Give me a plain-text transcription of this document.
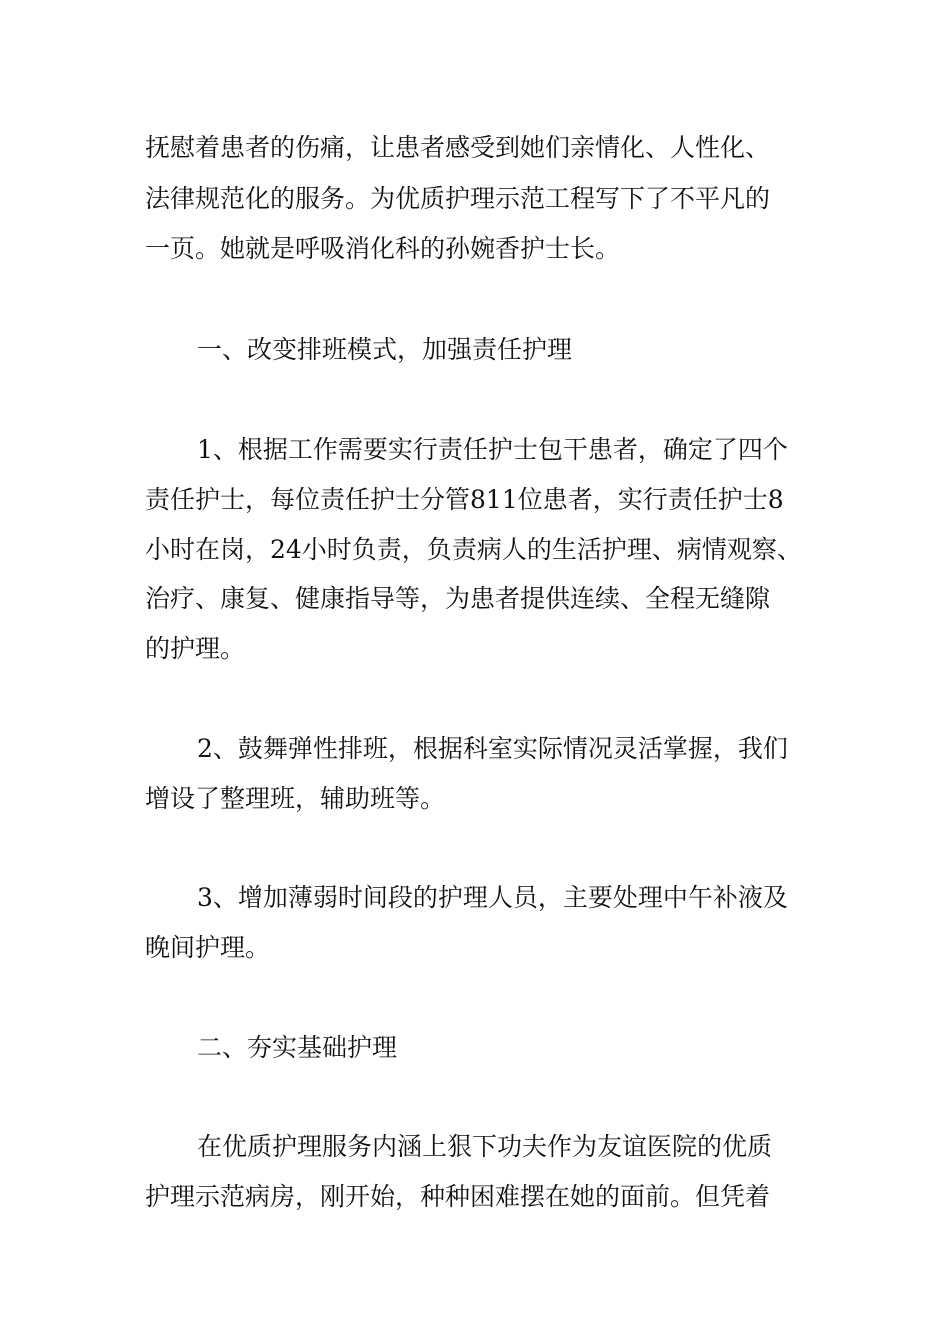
抚慰着患者的伤痛，让患者感受到她们亲情化、人性化、

法律规范化的服务。为优质护理示范工程写下了不平凡的

一页。她就是呼吸消化科的孙婉香护士长。

一、改变排班模式，加强责任护理

1、根据工作需要实行责任护士包干患者，确定了四个

责任护士，每位责任护士分管811位患者，实行责任护士8

小时在岗，24小时负责，负责病人的生活护理、病情观察、

治疗、康复、健康指导等，为患者提供连续、全程无缝隙

的护理。

2、鼓舞弹性排班，根据科室实际情况灵活掌握，我们

增设了整理班，辅助班等。

3、增加薄弱时间段的护理人员，主要处理中午补液及

晚间护理。

二、夯实基础护理

在优质护理服务内涵上狠下功夫作为友谊医院的优质

护理示范病房，刚开始，种种困难摆在她的面前。但凭着
